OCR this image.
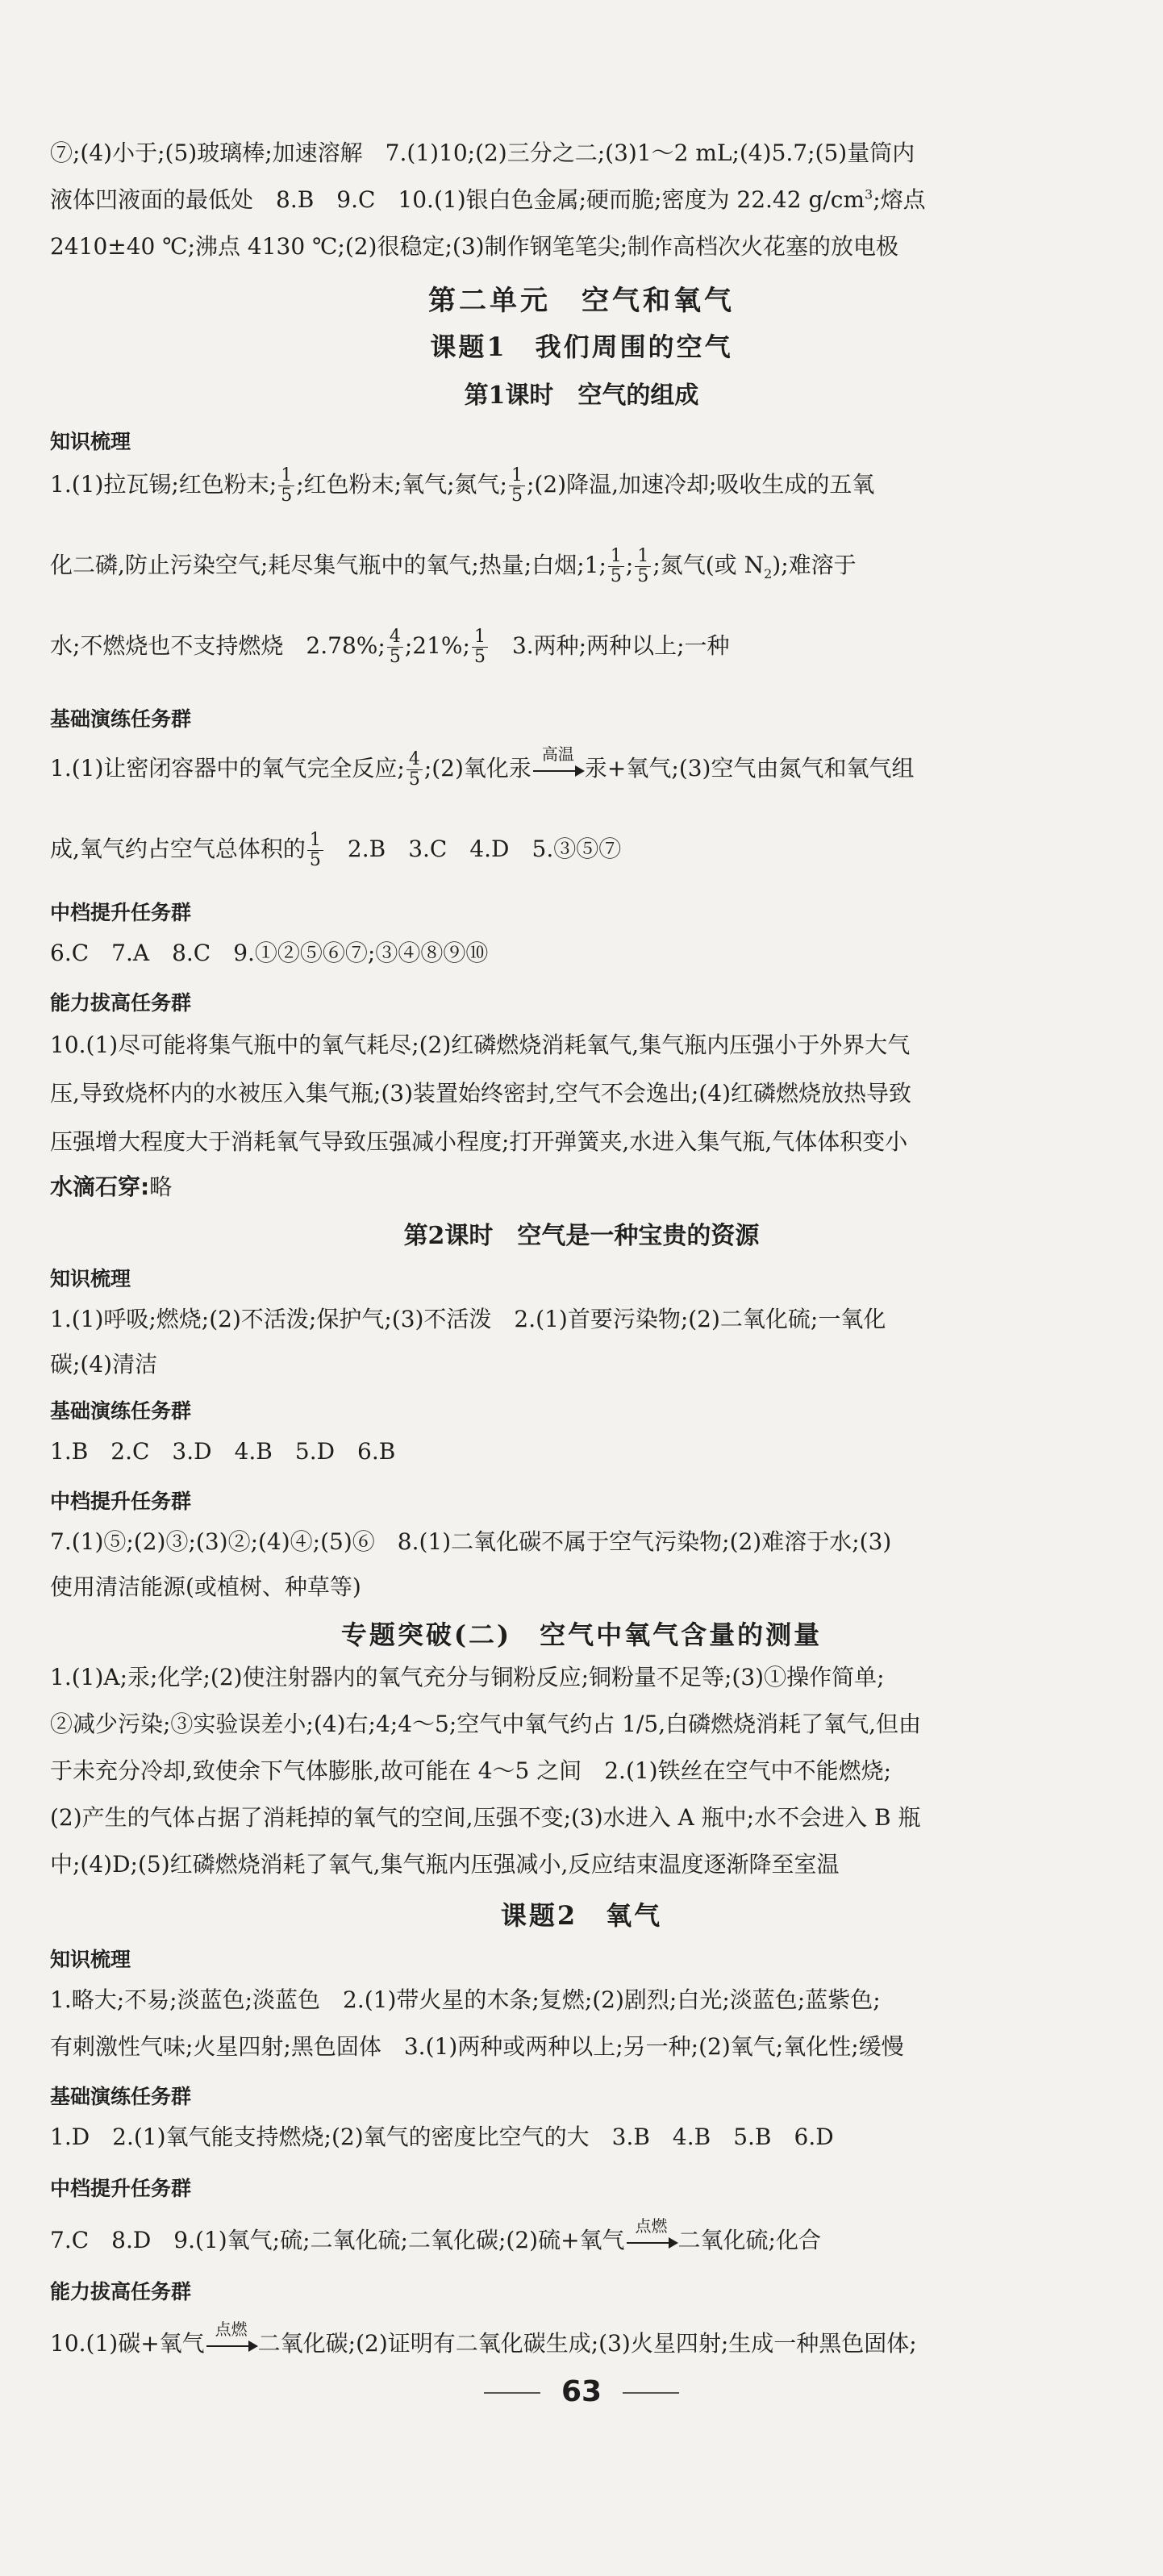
⑦;(4)小于;(5)玻璃棒;加速溶解　7.(1)10;(2)三分之二;(3)1～2 mL;(4)5.7;(5)量筒内
液体凹液面的最低处　8.B　9.C　10.(1)银白色金属;硬而脆;密度为 22.42 $g/cm^3$;熔点
2410±40 ℃;沸点 4130 ℃;(2)很稳定;(3)制作钢笔笔尖;制作高档次火花塞的放电极
第二单元　空气和氧气
课题1　我们周围的空气
第1课时　空气的组成
知识梳理
1.(1)拉瓦锡;红色粉末; $\frac{1}{5}$ ;红色粉末;氧气;氮气; $\frac{1}{5}$ ;(2)降温,加速冷却;吸收生成的五氧
化二磷,防止污染空气;耗尽集气瓶中的氧气;热量;白烟;1; $\frac{1}{5}$ ; $\frac{1}{5}$ ;氮气(或 $N_2$);难溶于
水;不燃烧也不支持燃烧　2.78%; $\frac{4}{5}$ ;21%; $\frac{1}{5}$ 　3.两种;两种以上;一种
基础演练任务群
1.(1)让密闭容器中的氧气完全反应; $\frac{4}{5}$ ;(2)氧化汞
高温
汞+氧气;(3)空气由氮气和氧气组
成,氧气约占空气总体积的 $\frac{1}{5}$ 　2.B　3.C　4.D　5.③⑤⑦
中档提升任务群
6.C　7.A　8.C　9.①②⑤⑥⑦;③④⑧⑨⑩
能力拔高任务群
10.(1)尽可能将集气瓶中的氧气耗尽;(2)红磷燃烧消耗氧气,集气瓶内压强小于外界大气
压,导致烧杯内的水被压入集气瓶;(3)装置始终密封,空气不会逸出;(4)红磷燃烧放热导致
压强增大程度大于消耗氧气导致压强减小程度;打开弹簧夹,水进入集气瓶,气体体积变小
水滴石穿:略
第2课时　空气是一种宝贵的资源
知识梳理
1.(1)呼吸;燃烧;(2)不活泼;保护气;(3)不活泼　2.(1)首要污染物;(2)二氧化硫;一氧化
碳;(4)清洁
基础演练任务群
1.B　2.C　3.D　4.B　5.D　6.B
中档提升任务群
7.(1)⑤;(2)③;(3)②;(4)④;(5)⑥　8.(1)二氧化碳不属于空气污染物;(2)难溶于水;(3)
使用清洁能源(或植树、种草等)
专题突破(二)　空气中氧气含量的测量
1.(1)A;汞;化学;(2)使注射器内的氧气充分与铜粉反应;铜粉量不足等;(3)①操作简单;
②减少污染;③实验误差小;(4)右;4;4～5;空气中氧气约占 1/5,白磷燃烧消耗了氧气,但由
于未充分冷却,致使余下气体膨胀,故可能在 4～5 之间　2.(1)铁丝在空气中不能燃烧;
(2)产生的气体占据了消耗掉的氧气的空间,压强不变;(3)水进入 A 瓶中;水不会进入 B 瓶
中;(4)D;(5)红磷燃烧消耗了氧气,集气瓶内压强减小,反应结束温度逐渐降至室温
课题2　氧气
知识梳理
1.略大;不易;淡蓝色;淡蓝色　2.(1)带火星的木条;复燃;(2)剧烈;白光;淡蓝色;蓝紫色;
有刺激性气味;火星四射;黑色固体　3.(1)两种或两种以上;另一种;(2)氧气;氧化性;缓慢
基础演练任务群
1.D　2.(1)氧气能支持燃烧;(2)氧气的密度比空气的大　3.B　4.B　5.B　6.D
中档提升任务群
7.C　8.D　9.(1)氧气;硫;二氧化硫;二氧化碳;(2)硫+氧气
点燃
二氧化硫;化合
能力拔高任务群
10.(1)碳+氧气
点燃
二氧化碳;(2)证明有二氧化碳生成;(3)火星四射;生成一种黑色固体;
63
